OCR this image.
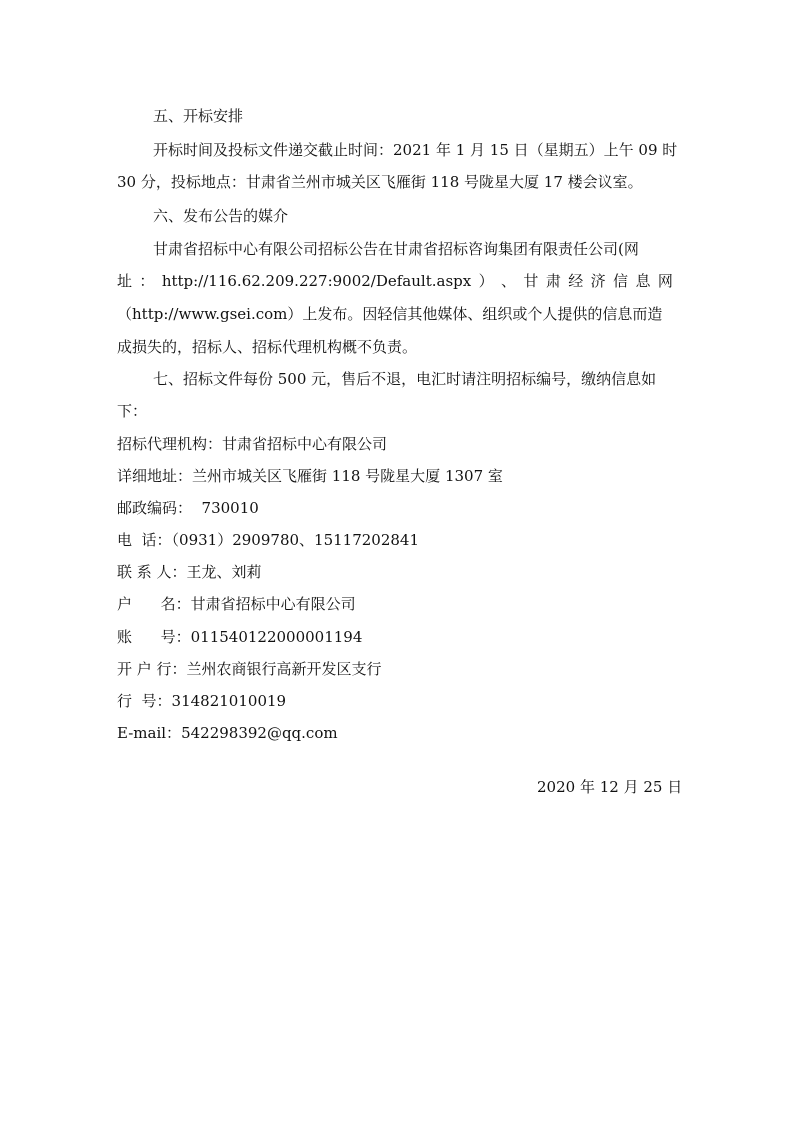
五、开标安排
开标时间及投标文件递交截止时间：2021 年 1 月 15 日（星期五）上午 09 时
30 分，投标地点：甘肃省兰州市城关区飞雁街 118 号陇星大厦 17 楼会议室。
六、发布公告的媒介
甘肃省招标中心有限公司招标公告在甘肃省招标咨询集团有限责任公司(网
址 ： http://116.62.209.227:9002/Default.aspx ） 、 甘 肃 经 济 信 息 网
（http://www.gsei.com）上发布。因轻信其他媒体、组织或个人提供的信息而造
成损失的，招标人、招标代理机构概不负责。
七、招标文件每份 500 元，售后不退，电汇时请注明招标编号，缴纳信息如
下：
招标代理机构：甘肃省招标中心有限公司
详细地址：兰州市城关区飞雁街 118 号陇星大厦 1307 室
邮政编码：  730010
电  话：（0931）2909780、15117202841
联 系 人：王龙、刘莉
户      名：甘肃省招标中心有限公司
账      号：011540122000001194
开 户 行：兰州农商银行高新开发区支行
行  号：314821010019
E-mail：542298392@qq.com
2020 年 12 月 25 日
